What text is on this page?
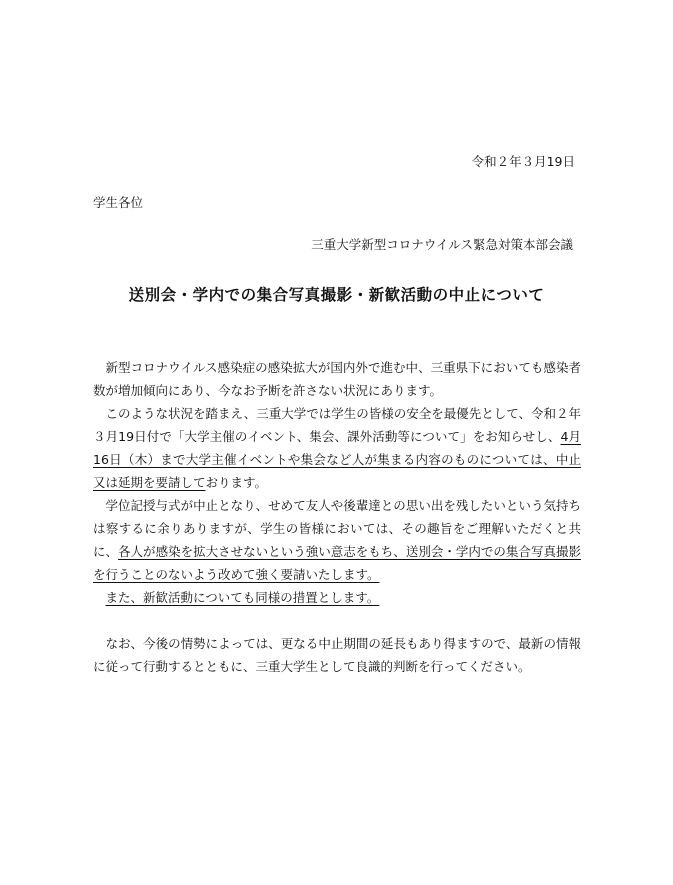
令和２年３月19日
学生各位
三重大学新型コロナウイルス緊急対策本部会議
送別会・学内での集合写真撮影・新歓活動の中止について

新型コロナウイルス感染症の感染拡大が国内外で進む中、三重県下においても感染者数が増加傾向にあり、今なお予断を許さない状況にあります。

このような状況を踏まえ、三重大学では学生の皆様の安全を最優先として、令和２年３月19日付で「大学主催のイベント、集会、課外活動等について」をお知らせし、4月16日（木）まで大学主催イベントや集会など人が集まる内容のものについては、中止又は延期を要請しております。

学位記授与式が中止となり、せめて友人や後輩達との思い出を残したいという気持ちは察するに余りありますが、学生の皆様においては、その趣旨をご理解いただくと共に、各人が感染を拡大させないという強い意志をもち、送別会・学内での集合写真撮影を行うことのないよう改めて強く要請いたします。

また、新歓活動についても同様の措置とします。

なお、今後の情勢によっては、更なる中止期間の延長もあり得ますので、最新の情報に従って行動するとともに、三重大学生として良識的判断を行ってください。
